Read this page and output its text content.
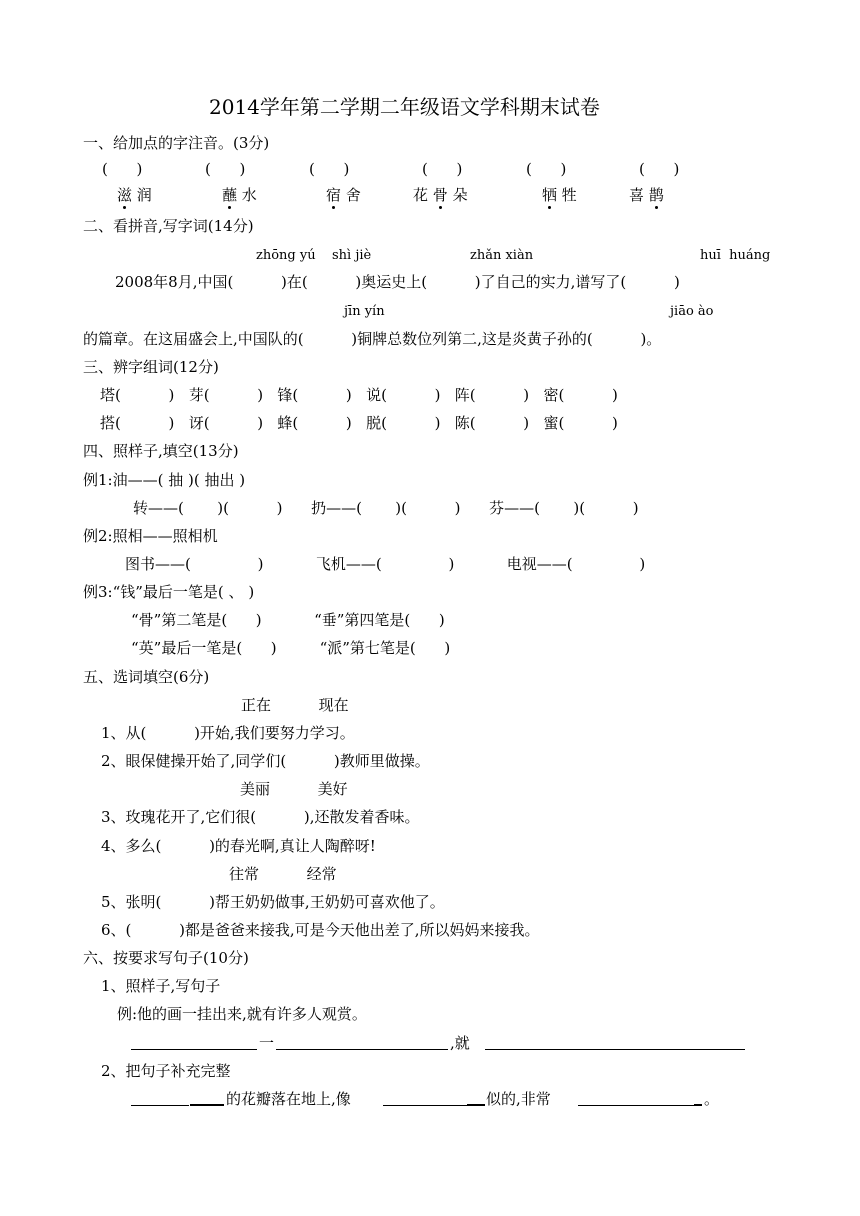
2014学年第二学期二年级语文学科期末试卷
一、给加点的字注音。(3分)
(      )	(      )	(      )	(      )	(      )	(      )
滋 润	蘸 水	宿 舍	花 骨 朵	牺 牲	喜 鹊
二、看拼音,写字词(14分)
zhōng yú shì jiè	zhǎn xiàn	huī  huáng
2008年8月,中国(          )在(          )奥运史上(          )了自己的实力,谱写了(          )
jīn yín	jiāo ào
的篇章。在这届盛会上,中国队的(          )铜牌总数位列第二,这是炎黄子孙的(          )。
三、辨字组词(12分)
塔(          )   芽(          )   锋(          )   说(          )   阵(          )   密(          )
搭(          )   讶(          )   蜂(          )   脱(          )   陈(          )   蜜(          )
四、照样子,填空(13分)
例1:油——( 抽 )( 抽出 )
转——(       )(          )      扔——(       )(          )      芬——(       )(          )
例2:照相——照相机
图书——(              )           飞机——(              )           电视——(              )
例3:“钱”最后一笔是( 、 )
“骨”第二笔是(      )           “垂”第四笔是(      )
“英”最后一笔是(      )         “派”第七笔是(      )
五、选词填空(6分)
正在          现在
1、从(          )开始,我们要努力学习。
2、眼保健操开始了,同学们(          )教师里做操。
美丽          美好
3、玫瑰花开了,它们很(          ),还散发着香味。
4、多么(          )的春光啊,真让人陶醉呀!
往常          经常
5、张明(          )帮王奶奶做事,王奶奶可喜欢他了。
6、(          )都是爸爸来接我,可是今天他出差了,所以妈妈来接我。
六、按要求写句子(10分)
1、照样子,写句子
例:他的画一挂出来,就有许多人观赏。
一	,就
2、把句子补充完整
的花瓣落在地上,像	似的,非常	。
